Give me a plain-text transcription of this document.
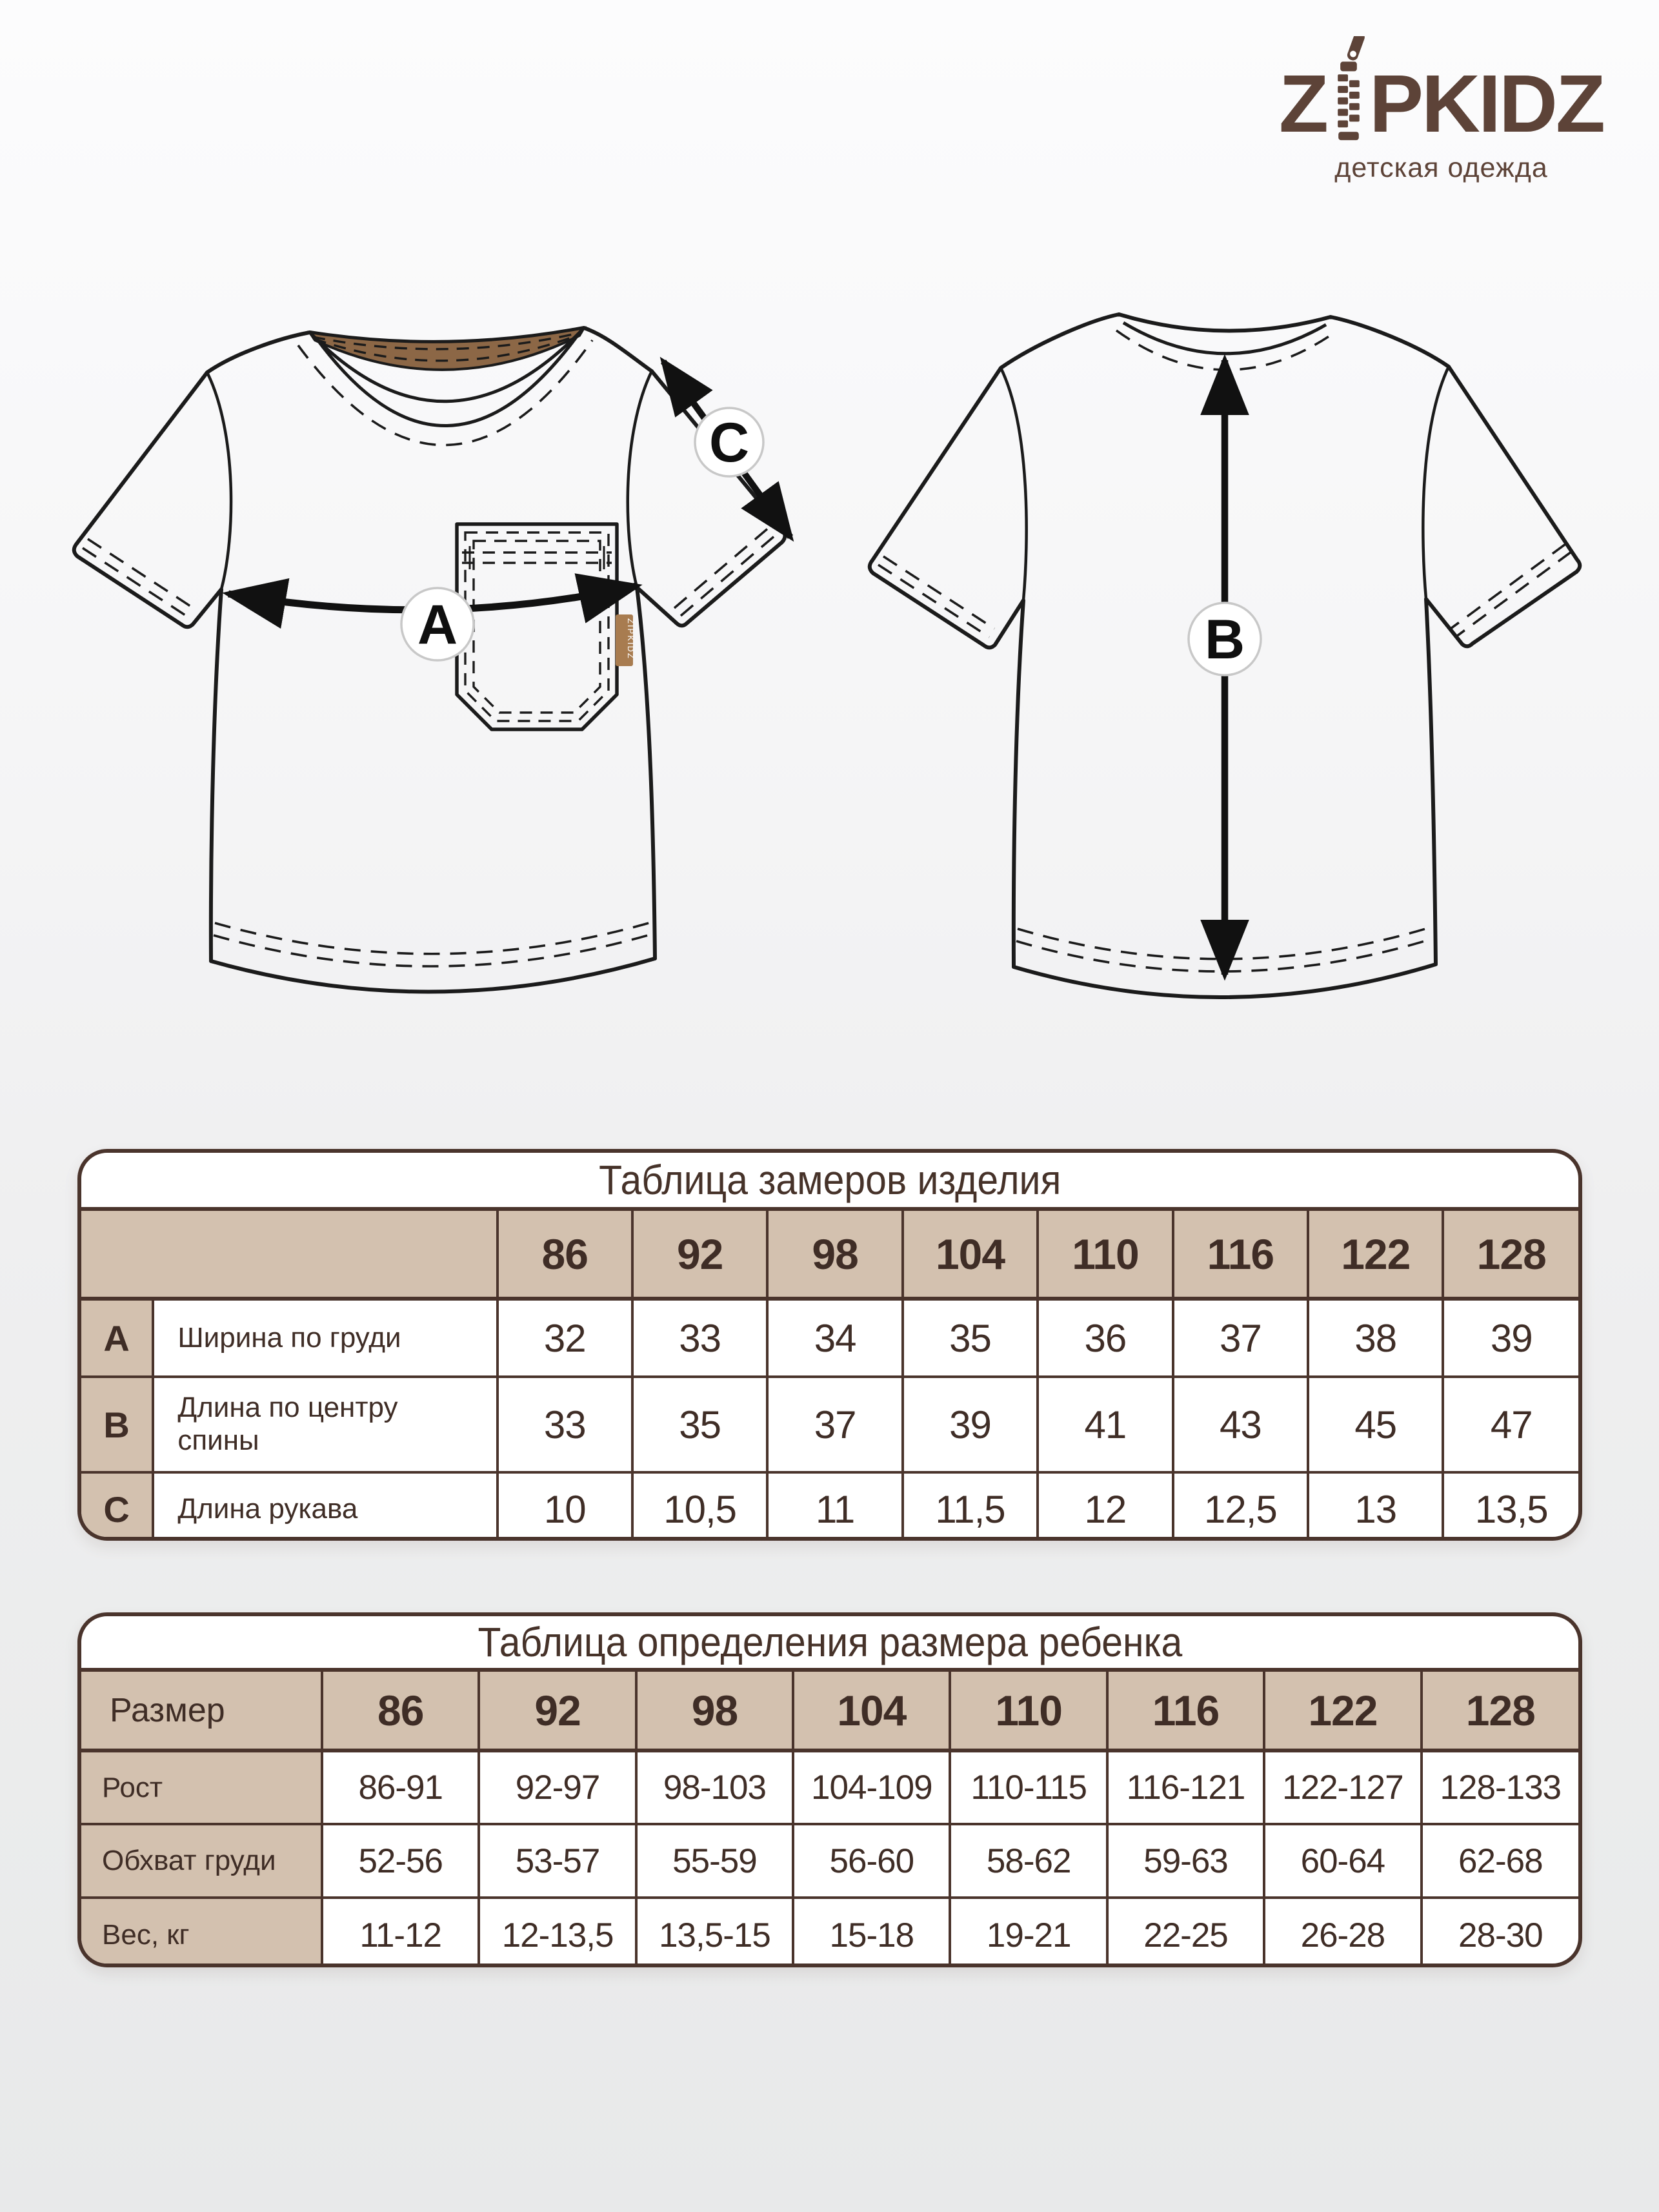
Z PKIDZ
детская одежда
ZIPKIDZ
A
C
B
Таблица замеров изделия
		86	92	98	104	110	116	122	128
A	Ширина по груди	32	33	34	35	36	37	38	39
B	Длина по центру спины	33	35	37	39	41	43	45	47
C	Длина рукава	10	10,5	11	11,5	12	12,5	13	13,5
Таблица определения размера ребенка
Размер	86	92	98	104	110	116	122	128
Рост	86-91	92-97	98-103	104-109	110-115	116-121	122-127	128-133
Обхват груди	52-56	53-57	55-59	56-60	58-62	59-63	60-64	62-68
Вес, кг	11-12	12-13,5	13,5-15	15-18	19-21	22-25	26-28	28-30
